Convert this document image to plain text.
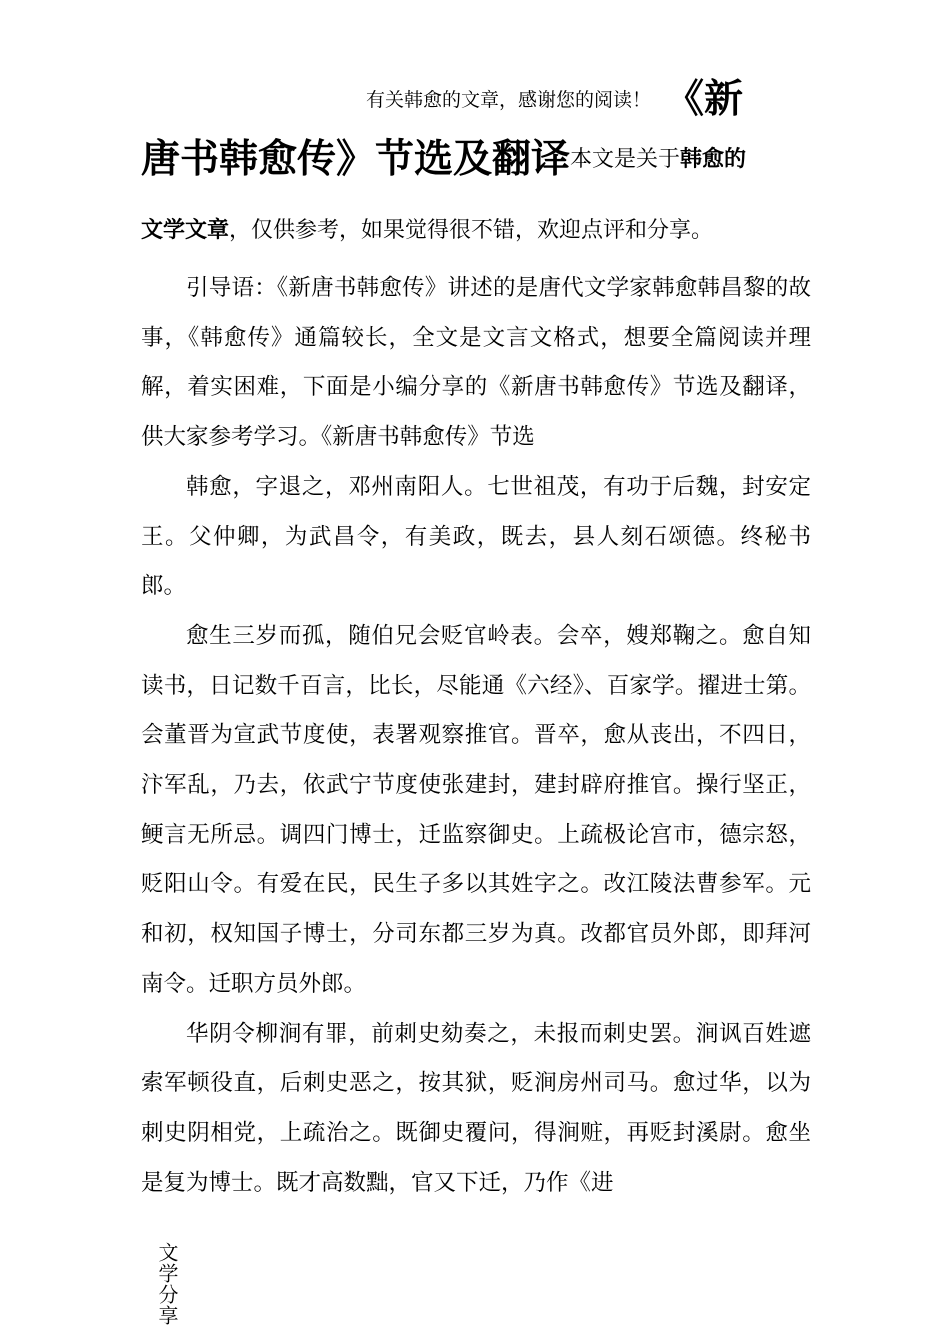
有关韩愈的文章，感谢您的阅读！ 《新
唐书韩愈传》节选及翻译本文是关于韩愈的
文学文章，仅供参考，如果觉得很不错，欢迎点评和分享。

引导语：《新唐书韩愈传》讲述的是唐代文学家韩愈韩昌黎的故事，《韩愈传》通篇较长，全文是文言文格式，想要全篇阅读并理解，着实困难，下面是小编分享的《新唐书韩愈传》节选及翻译，供大家参考学习。《新唐书韩愈传》节选

韩愈，字退之，邓州南阳人。七世祖茂，有功于后魏，封安定王。父仲卿，为武昌令，有美政，既去，县人刻石颂德。终秘书郎。

愈生三岁而孤，随伯兄会贬官岭表。会卒，嫂郑鞠之。愈自知读书，日记数千百言，比长，尽能通《六经》、百家学。擢进士第。会董晋为宣武节度使，表署观察推官。晋卒，愈从丧出，不四日，汴军乱，乃去，依武宁节度使张建封，建封辟府推官。操行坚正，鲠言无所忌。调四门博士，迁监察御史。上疏极论宫市，德宗怒，贬阳山令。有爱在民，民生子多以其姓字之。改江陵法曹参军。元和初，权知国子博士，分司东都三岁为真。改都官员外郎，即拜河南令。迁职方员外郎。

华阴令柳涧有罪，前刺史劾奏之，未报而刺史罢。涧讽百姓遮索军顿役直，后刺史恶之，按其狱，贬涧房州司马。愈过华，以为刺史阴相党，上疏治之。既御史覆问，得涧赃，再贬封溪尉。愈坐是复为博士。既才高数黜，官又下迁，乃作《进

文学分享
